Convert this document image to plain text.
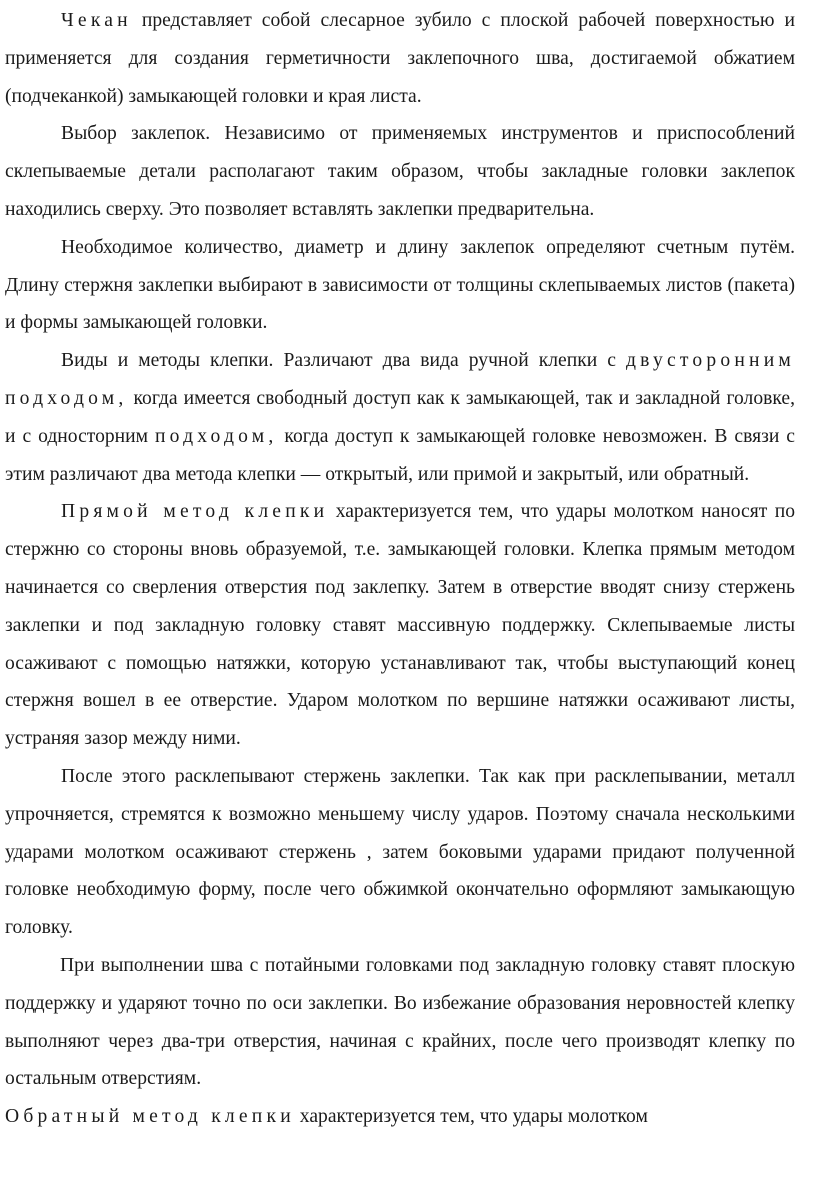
Чекан представляет собой слесарное зубило с плоской рабочей поверхностью и применяется для создания герметичности заклепочного шва, достигаемой обжатием (подчеканкой) замыкающей головки и края листа.

Выбор заклепок. Независимо от применяемых инструментов и приспособлений склепываемые детали располагают таким образом, чтобы закладные головки заклепок находились сверху. Это позволяет вставлять заклепки предварительна.

Необходимое количество, диаметр и длину заклепок определяют счетным путём. Длину стержня заклепки выбирают в зависимости от толщины склепываемых листов (пакета) и формы замыкающей головки.

Виды и методы клепки. Различают два вида ручной клепки с двусторонним подходом, когда имеется свободный доступ как к замыкающей, так и закладной головке, и с односторним подходом, когда доступ к замыкающей головке невозможен. В связи с этим различают два метода клепки — открытый, или примой и закрытый, или обратный.

Прямой метод клепки характеризуется тем, что удары молотком наносят по стержню со стороны вновь образуемой, т.е. замыкающей головки. Клепка прямым методом начинается со сверления отверстия под заклепку. Затем в отверстие вводят снизу стержень заклепки и под закладную головку ставят массивную поддержку. Склепываемые листы осаживают с помощью натяжки, которую устанавливают так, чтобы выступающий конец стержня вошел в ее отверстие. Ударом молотком по вершине натяжки осаживают листы, устраняя зазор между ними.

После этого расклепывают стержень заклепки. Так как при расклепывании, металл упрочняется, стремятся к возможно меньшему числу ударов. Поэтому сначала несколькими ударами молотком осаживают стержень , затем боковыми ударами придают полученной головке необходимую форму, после чего обжимкой окончательно оформляют замыкающую головку.

При выполнении шва с потайными головками под закладную головку ставят плоскую поддержку и ударяют точно по оси заклепки. Во избежание образования неровностей клепку выполняют через два-три отверстия, начиная с крайних, после чего производят клепку по остальным отверстиям.

Обратный метод клепки характеризуется тем, что удары молотком
